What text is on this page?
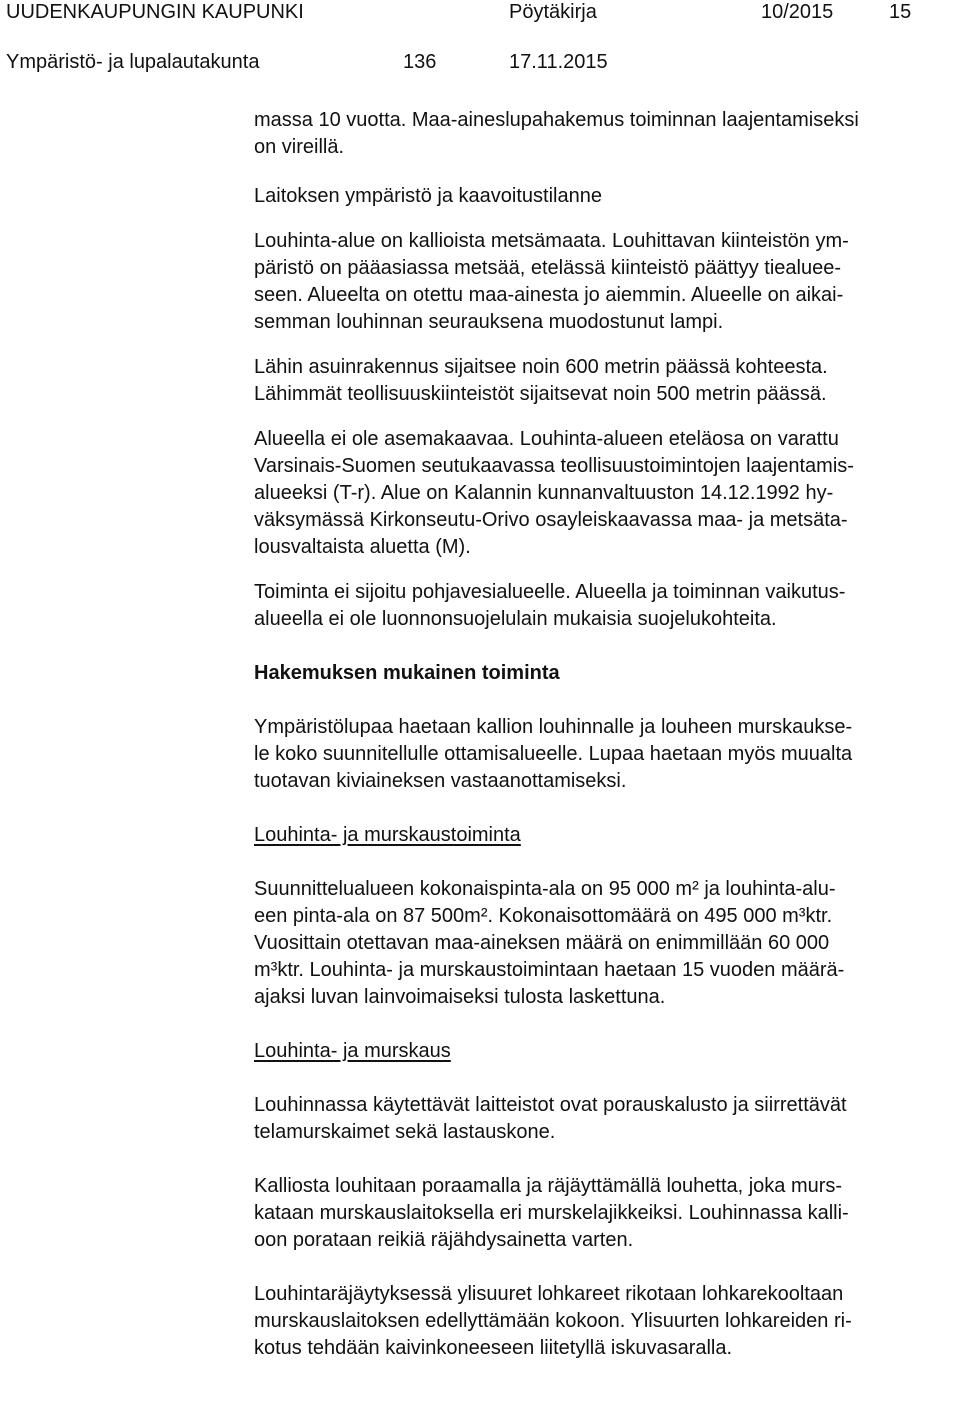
UUDENKAUPUNGIN KAUPUNKI	Pöytäkirja	10/2015	15
Ympäristö- ja lupalautakunta	136	17.11.2015
massa 10 vuotta. Maa-aineslupahakemus toiminnan laajentamiseksi
on vireillä.
Laitoksen ympäristö ja kaavoitustilanne
Louhinta-alue on kallioista metsämaata. Louhittavan kiinteistön ym-
päristö on pääasiassa metsää, etelässä kiinteistö päättyy tiealuee-
seen. Alueelta on otettu maa-ainesta jo aiemmin. Alueelle on aikai-
semman louhinnan seurauksena muodostunut lampi.
Lähin asuinrakennus sijaitsee noin 600 metrin päässä kohteesta.
Lähimmät teollisuuskiinteistöt sijaitsevat noin 500 metrin päässä.
Alueella ei ole asemakaavaa. Louhinta-alueen eteläosa on varattu
Varsinais-Suomen seutukaavassa teollisuustoimintojen laajentamis-
alueeksi (T-r). Alue on Kalannin kunnanvaltuuston 14.12.1992 hy-
väksymässä Kirkonseutu-Orivo osayleiskaavassa maa- ja metsäta-
lousvaltaista aluetta (M).
Toiminta ei sijoitu pohjavesialueelle. Alueella ja toiminnan vaikutus-
alueella ei ole luonnonsuojelulain mukaisia suojelukohteita.
Hakemuksen mukainen toiminta
Ympäristölupaa haetaan kallion louhinnalle ja louheen murskaukse-
le koko suunnitellulle ottamisalueelle. Lupaa haetaan myös muualta
tuotavan kiviaineksen vastaanottamiseksi.
Louhinta- ja murskaustoiminta
Suunnittelualueen kokonaispinta-ala on 95 000 m² ja louhinta-alu-
een pinta-ala on 87 500m². Kokonaisottomäärä on 495 000 m³ktr.
Vuosittain otettavan maa-aineksen määrä on enimmillään 60 000
m³ktr. Louhinta- ja murskaustoimintaan haetaan 15 vuoden määrä-
ajaksi luvan lainvoimaiseksi tulosta laskettuna.
Louhinta- ja murskaus
Louhinnassa käytettävät laitteistot ovat porauskalusto ja siirrettävät
telamurskaimet sekä lastauskone.
Kalliosta louhitaan poraamalla ja räjäyttämällä louhetta, joka murs-
kataan murskauslaitoksella eri murskelajikkeiksi. Louhinnassa kalli-
oon porataan reikiä räjähdysainetta varten.
Louhintaräjäytyksessä ylisuuret lohkareet rikotaan lohkarekooltaan
murskauslaitoksen edellyttämään kokoon. Ylisuurten lohkareiden ri-
kotus tehdään kaivinkoneeseen liitetyllä iskuvasaralla.
